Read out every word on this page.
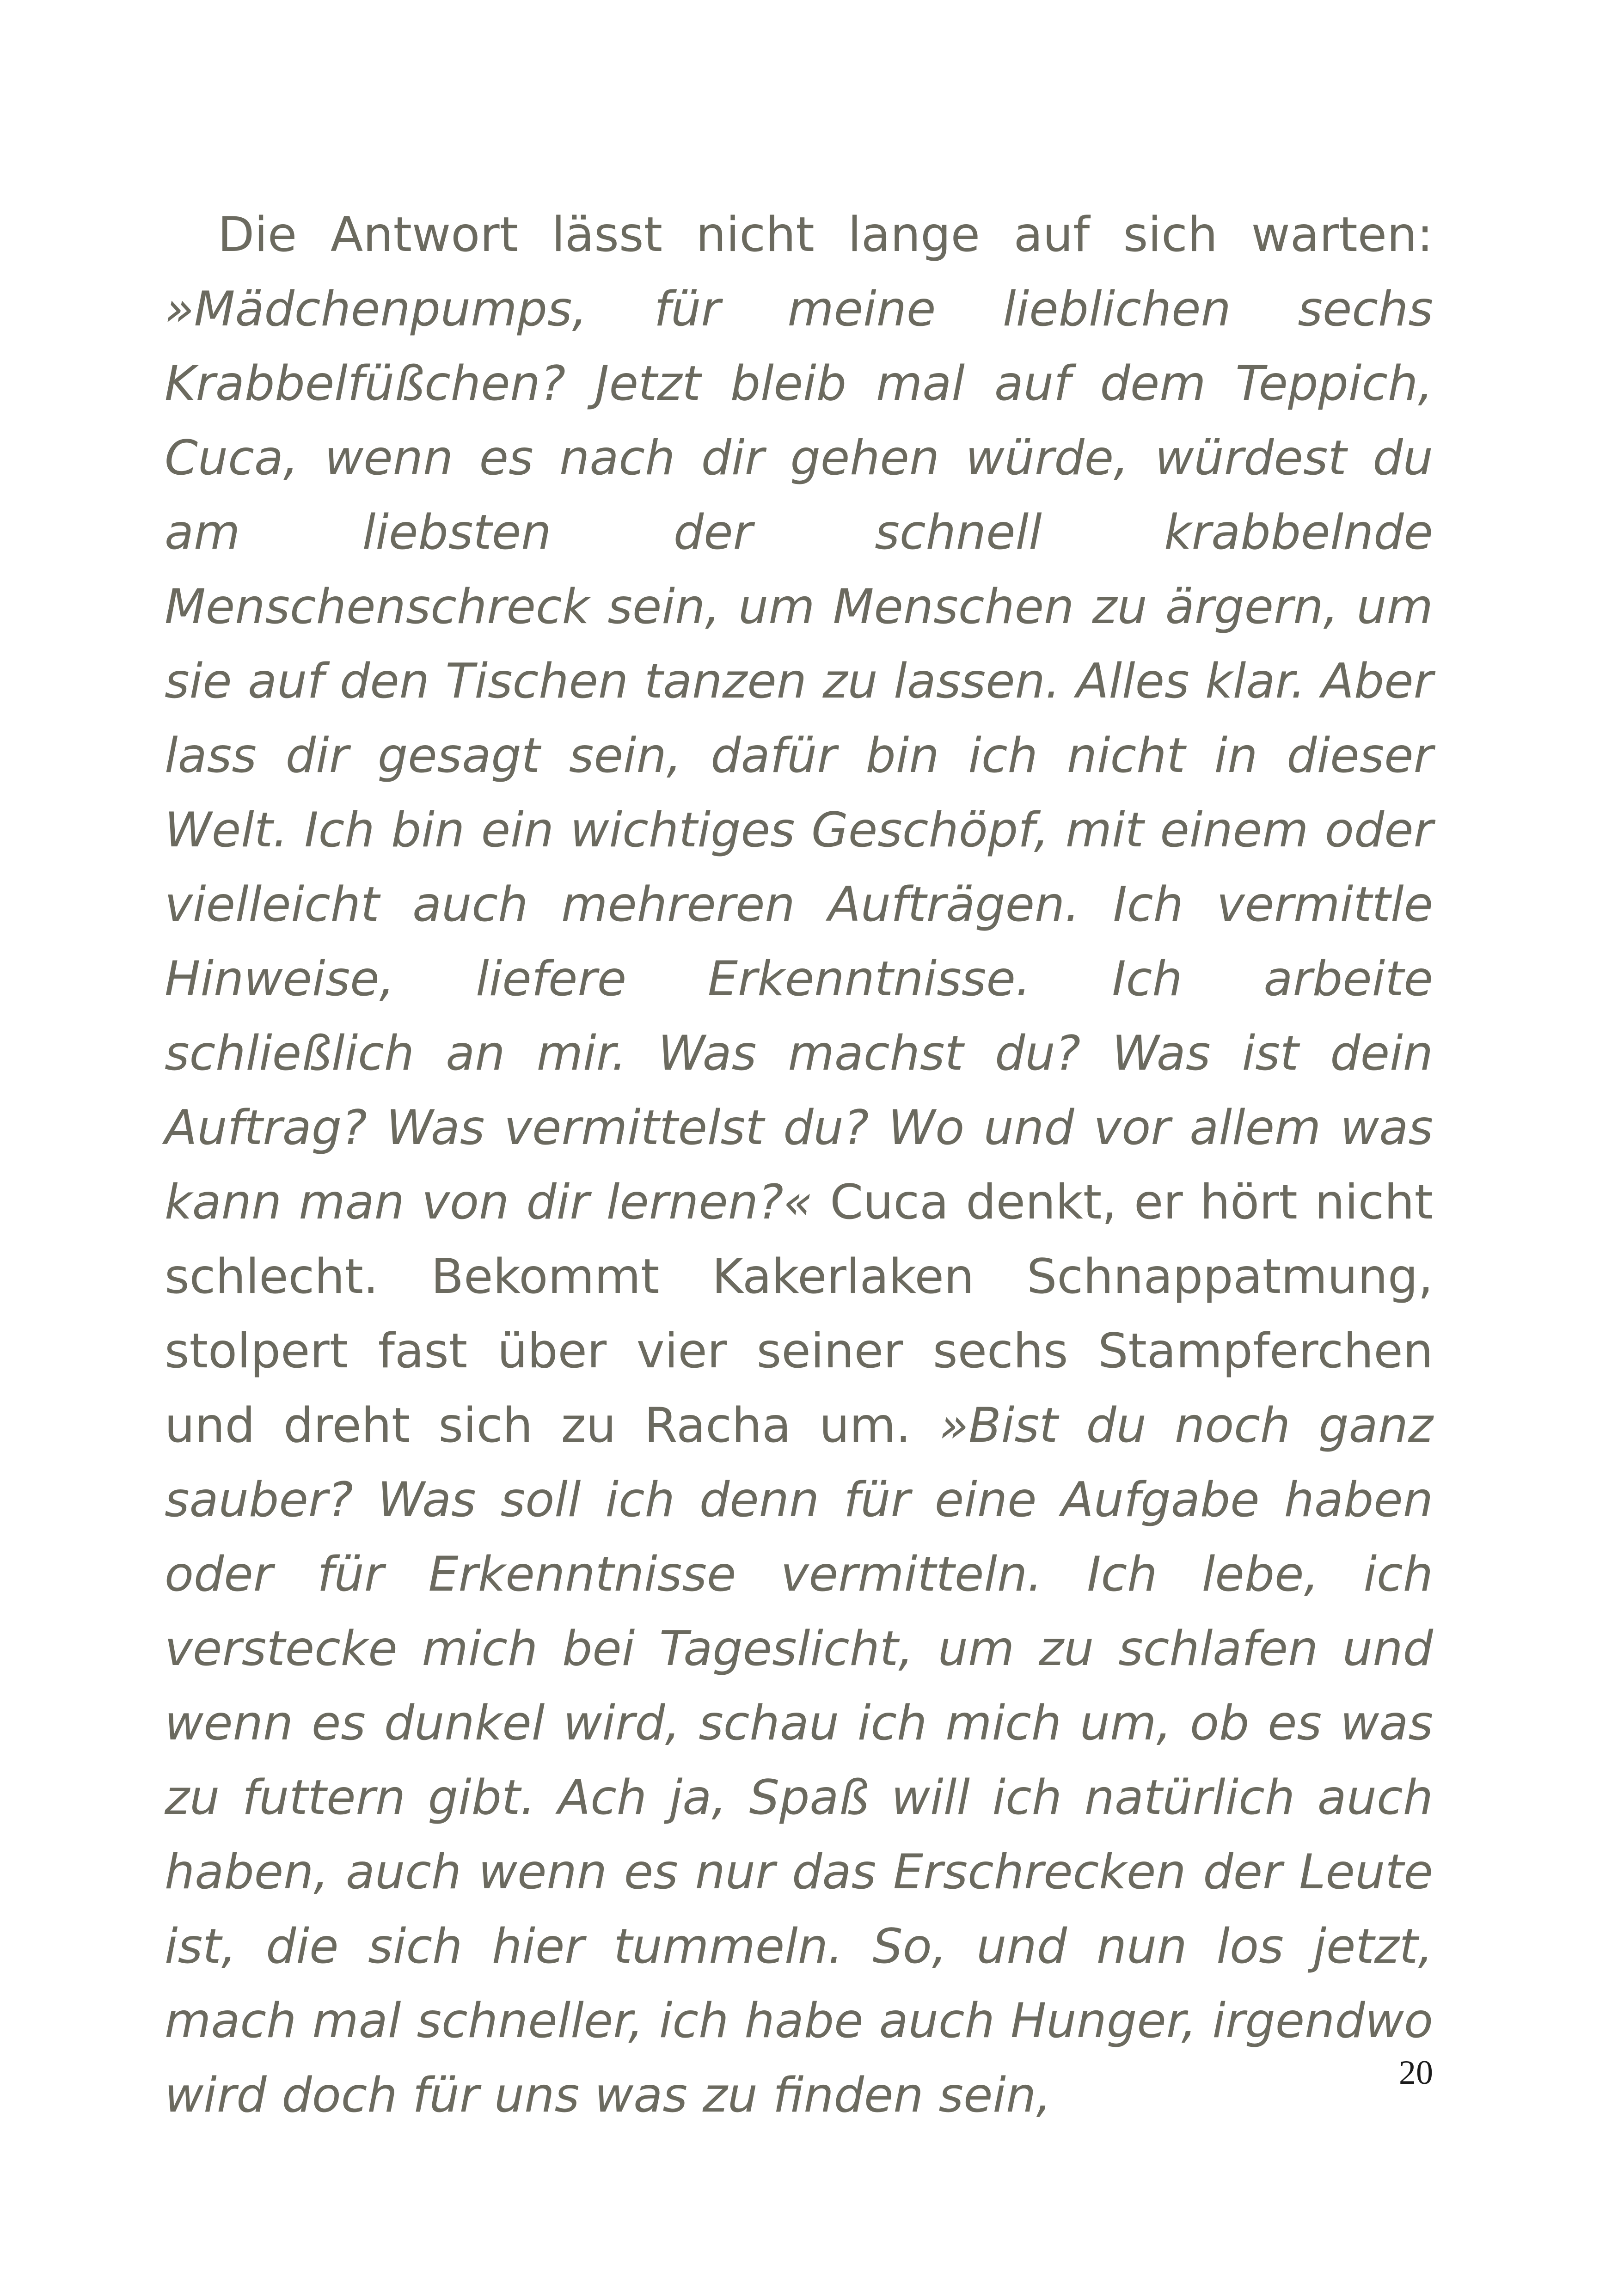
Die Antwort lässt nicht lange auf sich warten: »Mädchenpumps, für meine lieblichen sechs Krabbelfüßchen? Jetzt bleib mal auf dem Teppich, Cuca, wenn es nach dir gehen würde, würdest du am liebsten der schnell krabbelnde Menschenschreck sein, um Menschen zu ärgern, um sie auf den Tischen tanzen zu lassen. Alles klar. Aber lass dir gesagt sein, dafür bin ich nicht in dieser Welt. Ich bin ein wichtiges Geschöpf, mit einem oder vielleicht auch mehreren Aufträgen. Ich vermittle Hinweise, liefere Erkenntnisse. Ich arbeite schließlich an mir. Was machst du? Was ist dein Auftrag? Was vermittelst du? Wo und vor allem was kann man von dir lernen?« Cuca denkt, er hört nicht schlecht. Bekommt Kakerlaken Schnappatmung, stolpert fast über vier seiner sechs Stampferchen und dreht sich zu Racha um. »Bist du noch ganz sauber? Was soll ich denn für eine Aufgabe haben oder für Erkenntnisse vermitteln. Ich lebe, ich verstecke mich bei Tageslicht, um zu schlafen und wenn es dunkel wird, schau ich mich um, ob es was zu futtern gibt. Ach ja, Spaß will ich natürlich auch haben, auch wenn es nur das Erschrecken der Leute ist, die sich hier tummeln. So, und nun los jetzt, mach mal schneller, ich habe auch Hunger, irgendwo wird doch für uns was zu finden sein,	20
